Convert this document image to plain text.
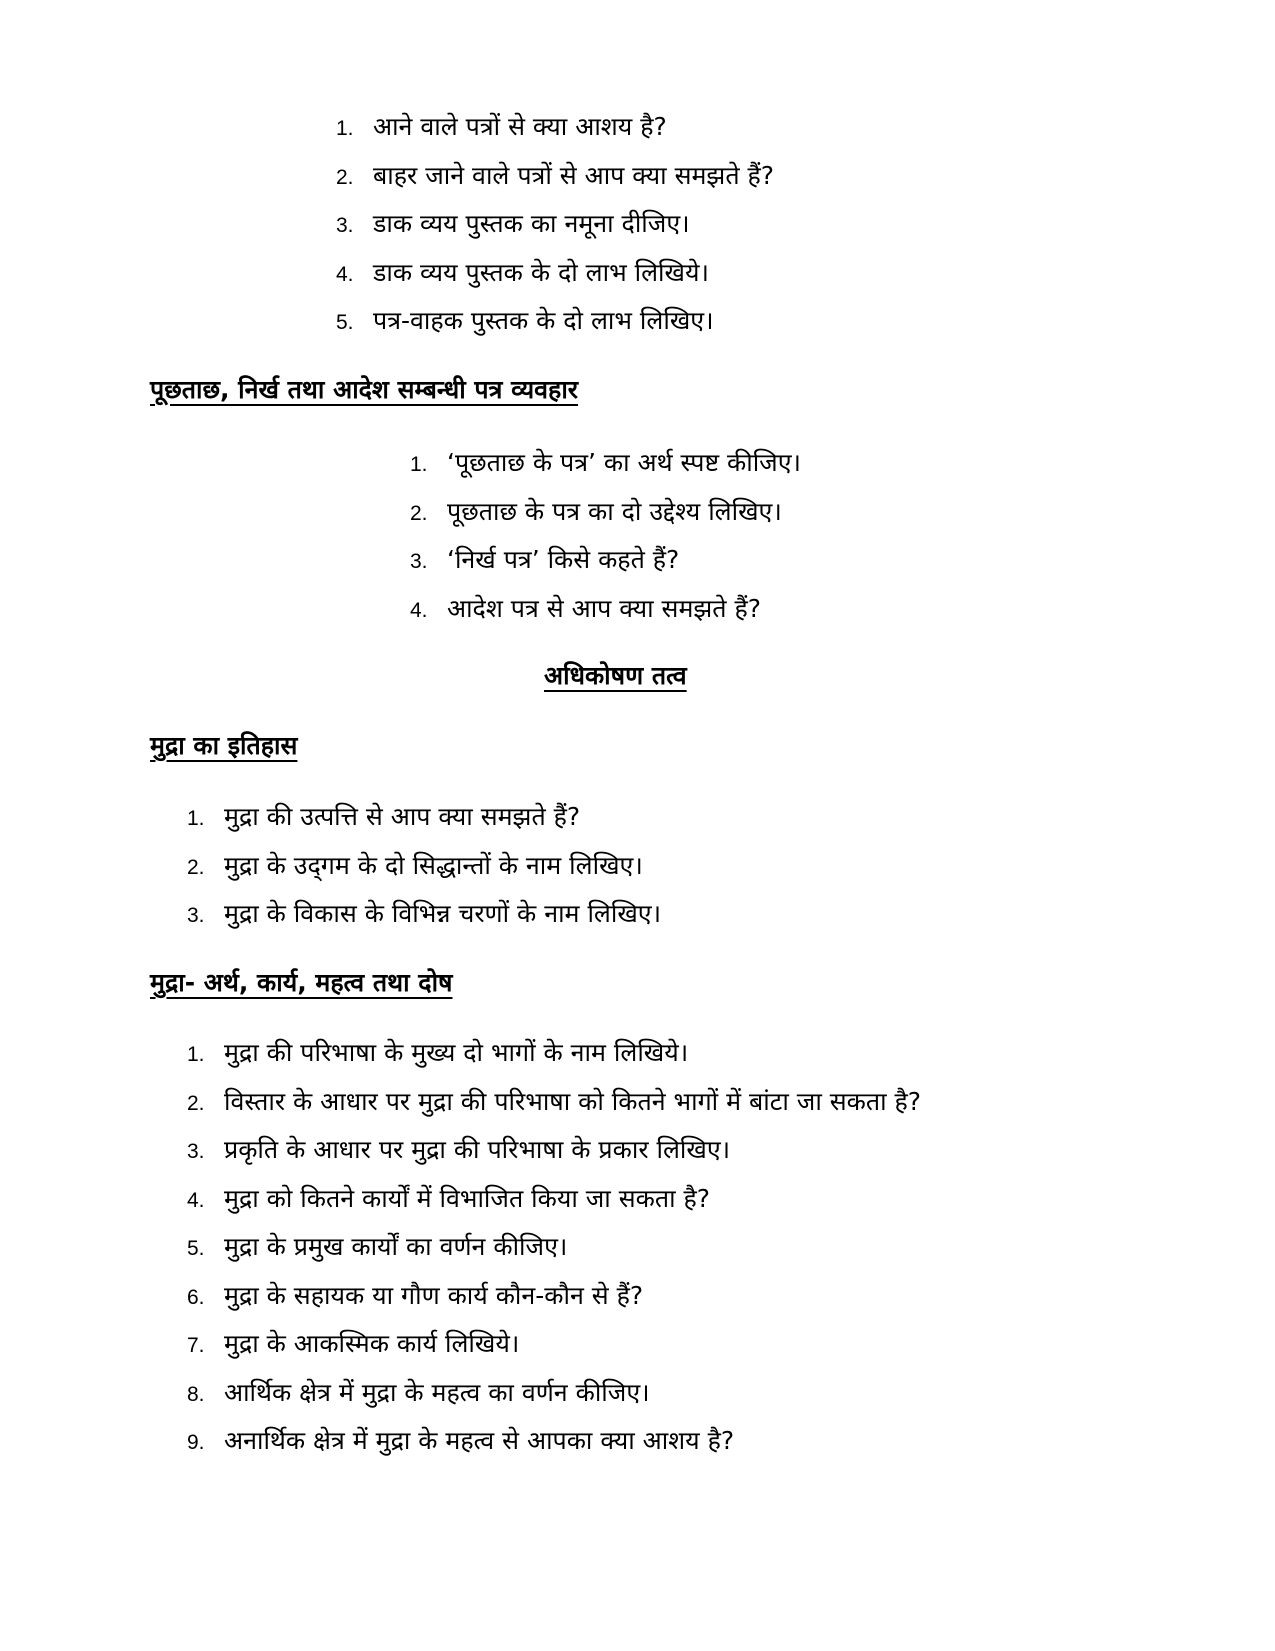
1. आने वाले पत्रों से क्या आशय है?
2. बाहर जाने वाले पत्रों से आप क्या समझते हैं?
3. डाक व्यय पुस्तक का नमूना दीजिए।
4. डाक व्यय पुस्तक के दो लाभ लिखिये।
5. पत्र-वाहक पुस्तक के दो लाभ लिखिए।
पूछताछ, निर्ख तथा आदेश सम्बन्धी पत्र व्यवहार
1. ‘पूछताछ के पत्र’ का अर्थ स्पष्ट कीजिए।
2. पूछताछ के पत्र का दो उद्देश्य लिखिए।
3. ‘निर्ख पत्र’ किसे कहते हैं?
4. आदेश पत्र से आप क्या समझते हैं?
अधिकोषण तत्व
मुद्रा का इतिहास
1. मुद्रा की उत्पत्ति से आप क्या समझते हैं?
2. मुद्रा के उद्‌गम के दो सिद्धान्तों के नाम लिखिए।
3. मुद्रा के विकास के विभिन्न चरणों के नाम लिखिए।
मुद्रा- अर्थ, कार्य, महत्व तथा दोष
1. मुद्रा की परिभाषा के मुख्य दो भागों के नाम लिखिये।
2. विस्तार के आधार पर मुद्रा की परिभाषा को कितने भागों में बांटा जा सकता है?
3. प्रकृति के आधार पर मुद्रा की परिभाषा के प्रकार लिखिए।
4. मुद्रा को कितने कार्यों में विभाजित किया जा सकता है?
5. मुद्रा के प्रमुख कार्यों का वर्णन कीजिए।
6. मुद्रा के सहायक या गौण कार्य कौन-कौन से हैं?
7. मुद्रा के आकस्मिक कार्य लिखिये।
8. आर्थिक क्षेत्र में मुद्रा के महत्व का वर्णन कीजिए।
9. अनार्थिक क्षेत्र में मुद्रा के महत्व से आपका क्या आशय है?
